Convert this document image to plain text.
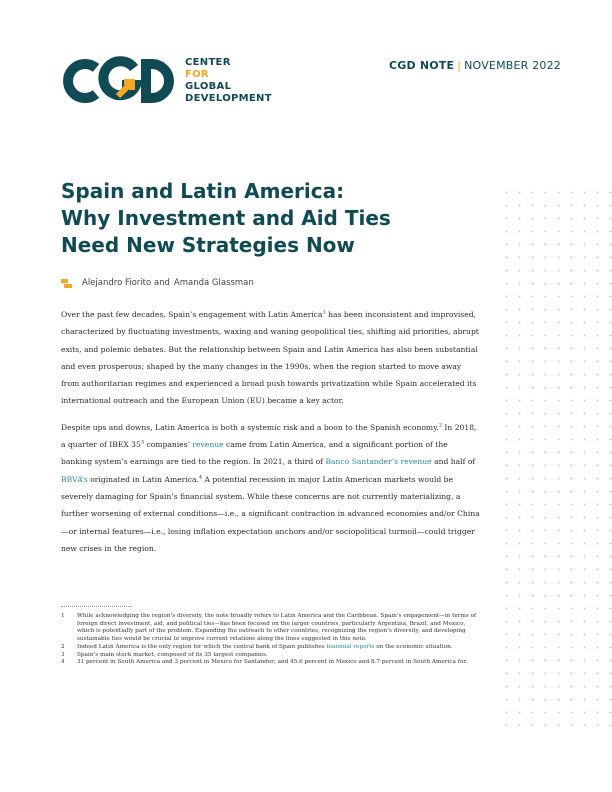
CENTER
FOR
GLOBAL
DEVELOPMENT
CGD NOTE | NOVEMBER 2022
Spain and Latin America:
Why Investment and Aid Ties
Need New Strategies Now
Alejandro Fiorito and Amanda Glassman

Over the past few decades, Spain’s engagement with Latin America$^1$ has been inconsistent and improvised, characterized by fluctuating investments, waxing and waning geopolitical ties, shifting aid priorities, abrupt exits, and polemic debates. But the relationship between Spain and Latin America has also been substantial and even prosperous; shaped by the many changes in the 1990s, when the region started to move away from authoritarian regimes and experienced a broad push towards privatization while Spain accelerated its international outreach and the European Union (EU) became a key actor.

Despite ups and downs, Latin America is both a systemic risk and a boon to the Spanish economy.$^2$ In 2018, a quarter of IBEX $35^3$ companies’ revenue came from Latin America, and a significant portion of the banking system’s earnings are tied to the region. In 2021, a third of Banco Santander’s revenue and half of BBVA’s originated in Latin America.$^4$ A potential recession in major Latin American markets would be severely damaging for Spain’s financial system. While these concerns are not currently materializing, a further worsening of external conditions—i.e., a significant contraction in advanced economies and/or China—or internal features—i.e., losing inflation expectation anchors and/or sociopolitical turmoil—could trigger new crises in the region.

1	While acknowledging the region’s diversity, the note broadly refers to Latin America and the Caribbean. Spain’s engagement—in terms of foreign direct investment, aid, and political ties—has been focused on the larger countries, particularly Argentina, Brazil, and Mexico, which is potentially part of the problem. Expanding the outreach to other countries, recognizing the region’s diversity, and developing sustainable ties would be crucial to improve current relations along the lines suggested in this note.
2	Indeed Latin America is the only region for which the central bank of Spain publishes biannual reports on the economic situation.
3	Spain’s main stock market, composed of its 35 largest companies.
4	31 percent in South America and 3 percent in Mexico for Santander; and 45.6 percent in Mexico and 8.7 percent in South America for.
